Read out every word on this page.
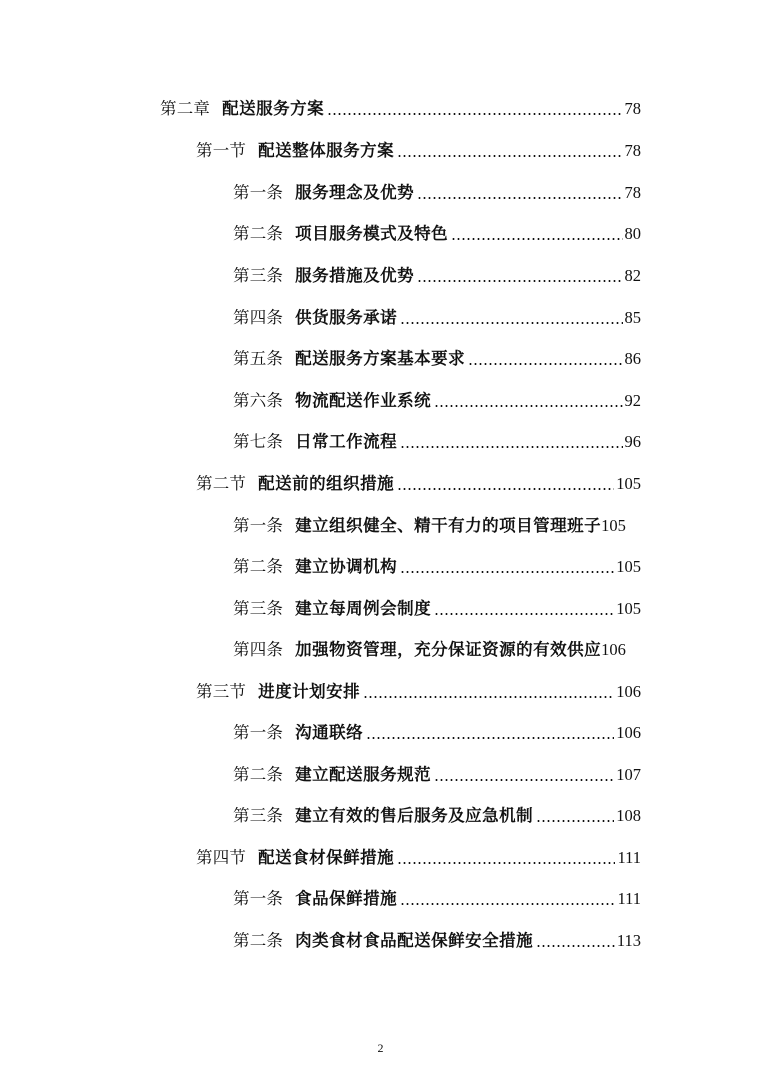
第二章 配送服务方案	78
第一节 配送整体服务方案	78
第一条 服务理念及优势	78
第二条 项目服务模式及特色	80
第三条 服务措施及优势	82
第四条 供货服务承诺	85
第五条 配送服务方案基本要求	86
第六条 物流配送作业系统	92
第七条 日常工作流程	96
第二节 配送前的组织措施	105
第一条 建立组织健全、精干有力的项目管理班子 105
第二条 建立协调机构	105
第三条 建立每周例会制度	105
第四条 加强物资管理，充分保证资源的有效供应 106
第三节 进度计划安排	106
第一条 沟通联络	106
第二条 建立配送服务规范	107
第三条 建立有效的售后服务及应急机制	108
第四节 配送食材保鲜措施	111
第一条 食品保鲜措施	111
第二条 肉类食材食品配送保鲜安全措施	113
2
